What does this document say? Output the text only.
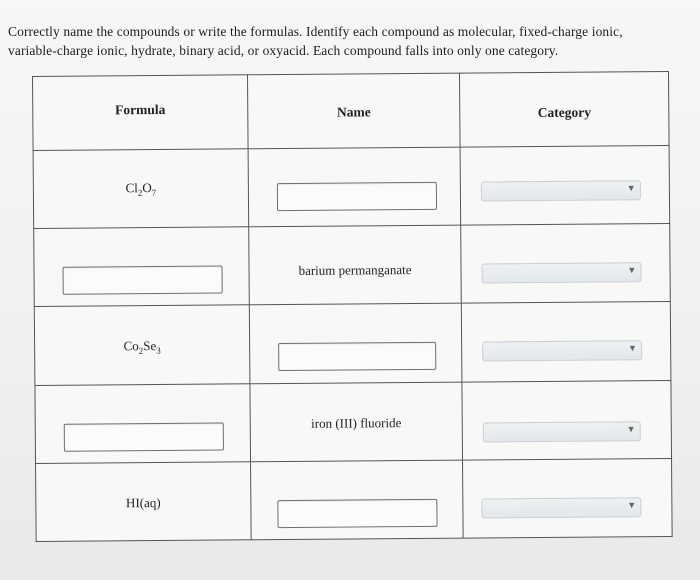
Correctly name the compounds or write the formulas. Identify each compound as molecular, fixed-charge ionic,
variable-charge ionic, hydrate, binary acid, or oxyacid. Each compound falls into only one category.
Formula	Name	Category

$Cl_2O_7$		▼

	barium permanganate	▼

$Co_2Se_3$		▼

	iron (III) fluoride	▼

HI(aq)		▼
